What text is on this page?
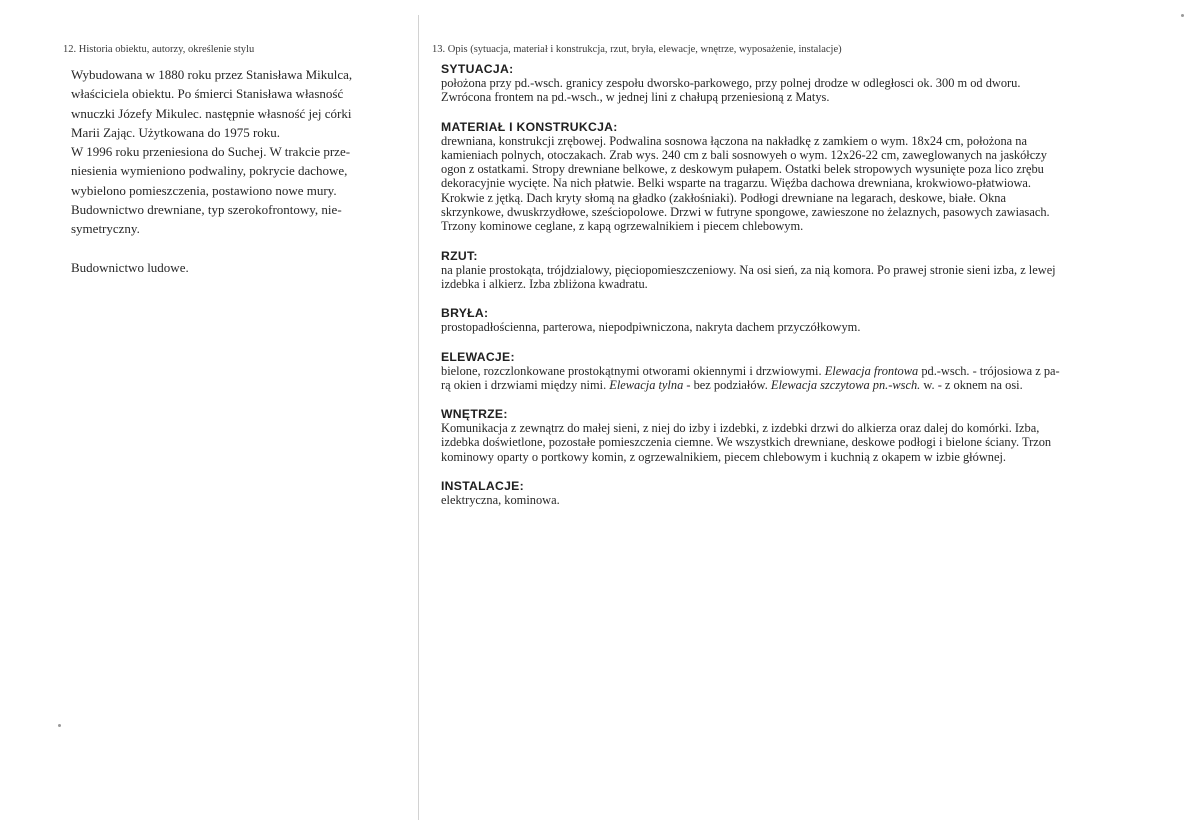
12. Historia obiektu, autorzy, określenie stylu

Wybudowana w 1880 roku przez Stanisława Mikulca,

właściciela obiektu. Po śmierci Stanisława własność

wnuczki Józefy Mikulec. następnie własność jej córki

Marii Zając. Użytkowana do 1975 roku.

W 1996 roku przeniesiona do Suchej. W trakcie prze-

niesienia wymieniono podwaliny, pokrycie dachowe,

wybielono pomieszczenia, postawiono nowe mury.

Budownictwo drewniane, typ szerokofrontowy, nie-

symetryczny.

Budownictwo ludowe.

13. Opis (sytuacja, materiał i konstrukcja, rzut, bryła, elewacje, wnętrze, wyposażenie, instalacje)
SYTUACJA:

położona przy pd.-wsch. granicy zespołu dworsko-parkowego, przy polnej drodze w odległosci ok. 300 m od dworu.

Zwrócona frontem na pd.-wsch., w jednej lini z chałupą przeniesioną z Matys.

MATERIAŁ I KONSTRUKCJA:

drewniana, konstrukcji zrębowej. Podwalina sosnowa łączona na nakładkę z zamkiem o wym. 18x24 cm, położona na

kamieniach polnych, otoczakach. Zrab wys. 240 cm z bali sosnowyeh o wym. 12x26-22 cm, zaweglowanych na jaskółczy

ogon z ostatkami. Stropy drewniane belkowe, z deskowym pułapem. Ostatki belek stropowych wysunięte poza lico zrębu

dekoracyjnie wycięte. Na nich płatwie. Belki wsparte na tragarzu. Więźba dachowa drewniana, krokwiowo-płatwiowa.

Krokwie z jętką. Dach kryty słomą na gładko (zakłośniaki). Podłogi drewniane na legarach, deskowe, białe. Okna

skrzynkowe, dwuskrzydłowe, sześciopolowe. Drzwi w futryne spongowe, zawieszone no żelaznych, pasowych zawiasach.

Trzony kominowe ceglane, z kapą ogrzewalnikiem i piecem chlebowym.

RZUT:

na planie prostokąta, trójdzialowy, pięciopomieszczeniowy. Na osi sień, za nią komora. Po prawej stronie sieni izba, z lewej

izdebka i alkierz. Izba zbliżona kwadratu.

BRYŁA:

prostopadłościenna, parterowa, niepodpiwniczona, nakryta dachem przyczółkowym.

ELEWACJE:

bielone, rozczlonkowane prostokątnymi otworami okiennymi i drzwiowymi. Elewacja frontowa pd.-wsch. - trójosiowa z pa-

rą okien i drzwiami między nimi. Elewacja tylna - bez podziałów. Elewacja szczytowa pn.-wsch. w. - z oknem na osi.

WNĘTRZE:

Komunikacja z zewnątrz do małej sieni, z niej do izby i izdebki, z izdebki drzwi do alkierza oraz dalej do komórki. Izba,

izdebka doświetlone, pozostałe pomieszczenia ciemne. We wszystkich drewniane, deskowe podłogi i bielone ściany. Trzon

kominowy oparty o portkowy komin, z ogrzewalnikiem, piecem chlebowym i kuchnią z okapem w izbie głównej.

INSTALACJE:

elektryczna, kominowa.
